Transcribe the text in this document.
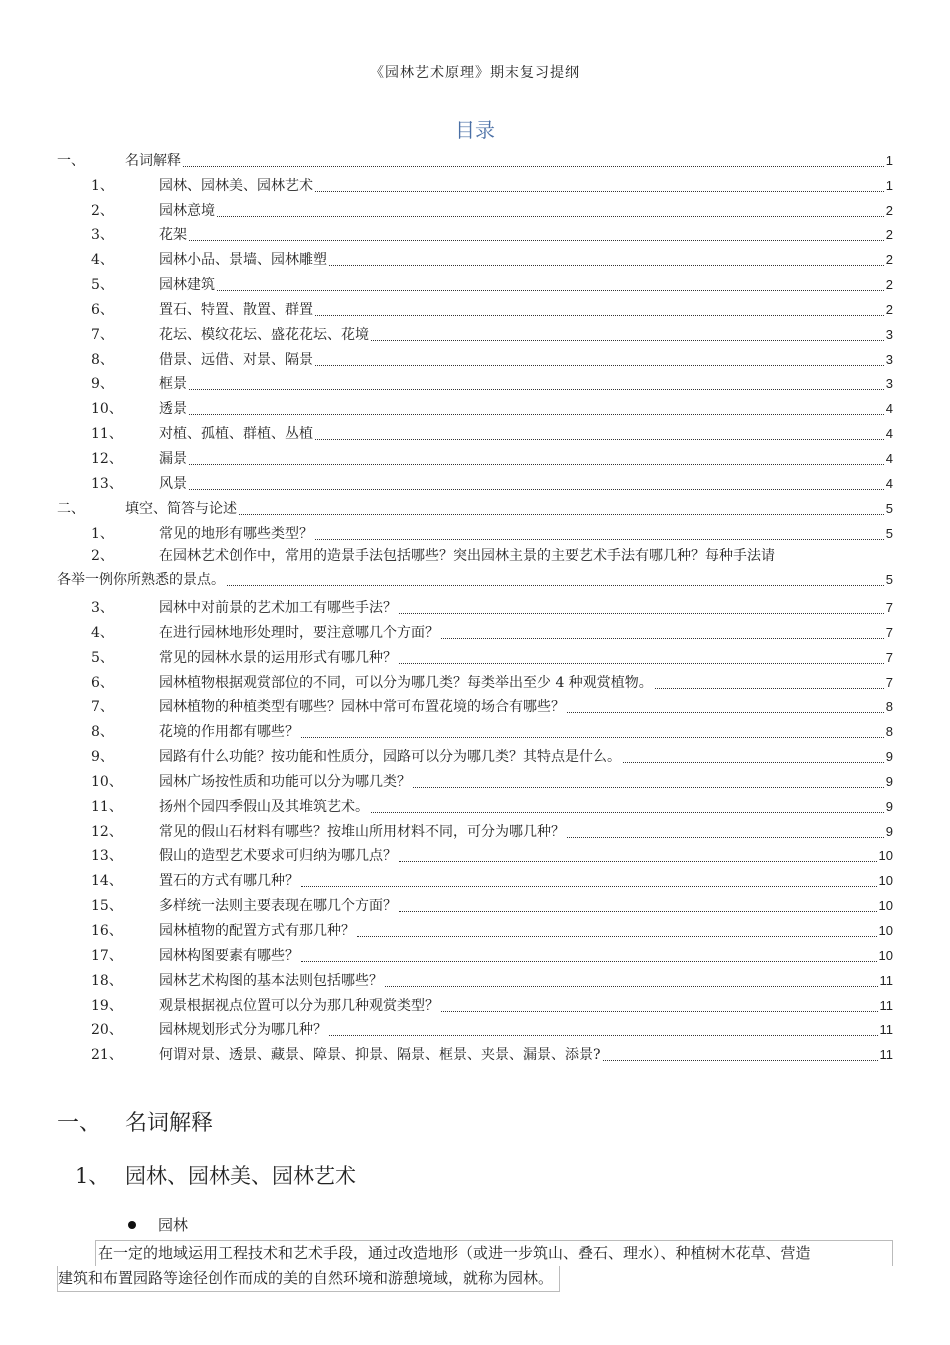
《园林艺术原理》期末复习提纲
目录
一、	名词解释	1
1、	园林、园林美、园林艺术	1
2、	园林意境	2
3、	花架	2
4、	园林小品、景墙、园林雕塑	2
5、	园林建筑	2
6、	置石、特置、散置、群置	2
7、	花坛、模纹花坛、盛花花坛、花境	3
8、	借景、远借、对景、隔景	3
9、	框景	3
10、	透景	4
11、	对植、孤植、群植、丛植	4
12、	漏景	4
13、	风景	4
二、	填空、简答与论述	5
1、	常见的地形有哪些类型？	5
2、	在园林艺术创作中，常用的造景手法包括哪些？突出园林主景的主要艺术手法有哪几种？每种手法请
各举一例你所熟悉的景点。	5
3、	园林中对前景的艺术加工有哪些手法？	7
4、	在进行园林地形处理时，要注意哪几个方面？	7
5、	常见的园林水景的运用形式有哪几种？	7
6、	园林植物根据观赏部位的不同，可以分为哪几类？每类举出至少 4 种观赏植物。	7
7、	园林植物的种植类型有哪些？园林中常可布置花境的场合有哪些？	8
8、	花境的作用都有哪些？	8
9、	园路有什么功能？按功能和性质分，园路可以分为哪几类？其特点是什么。	9
10、	园林广场按性质和功能可以分为哪几类？	9
11、	扬州个园四季假山及其堆筑艺术。	9
12、	常见的假山石材料有哪些？按堆山所用材料不同，可分为哪几种？	9
13、	假山的造型艺术要求可归纳为哪几点？	10
14、	置石的方式有哪几种？	10
15、	多样统一法则主要表现在哪几个方面？	10
16、	园林植物的配置方式有那几种？	10
17、	园林构图要素有哪些？	10
18、	园林艺术构图的基本法则包括哪些？	11
19、	观景根据视点位置可以分为那几种观赏类型？	11
20、	园林规划形式分为哪几种？	11
21、	何谓对景、透景、藏景、障景、抑景、隔景、框景、夹景、漏景、添景?	11
一、	名词解释
1、 园林、园林美、园林艺术
园林
在一定的地域运用工程技术和艺术手段，通过改造地形（或进一步筑山、叠石、理水）、种植树木花草、营造
建筑和布置园路等途径创作而成的美的自然环境和游憩境域，就称为园林。
